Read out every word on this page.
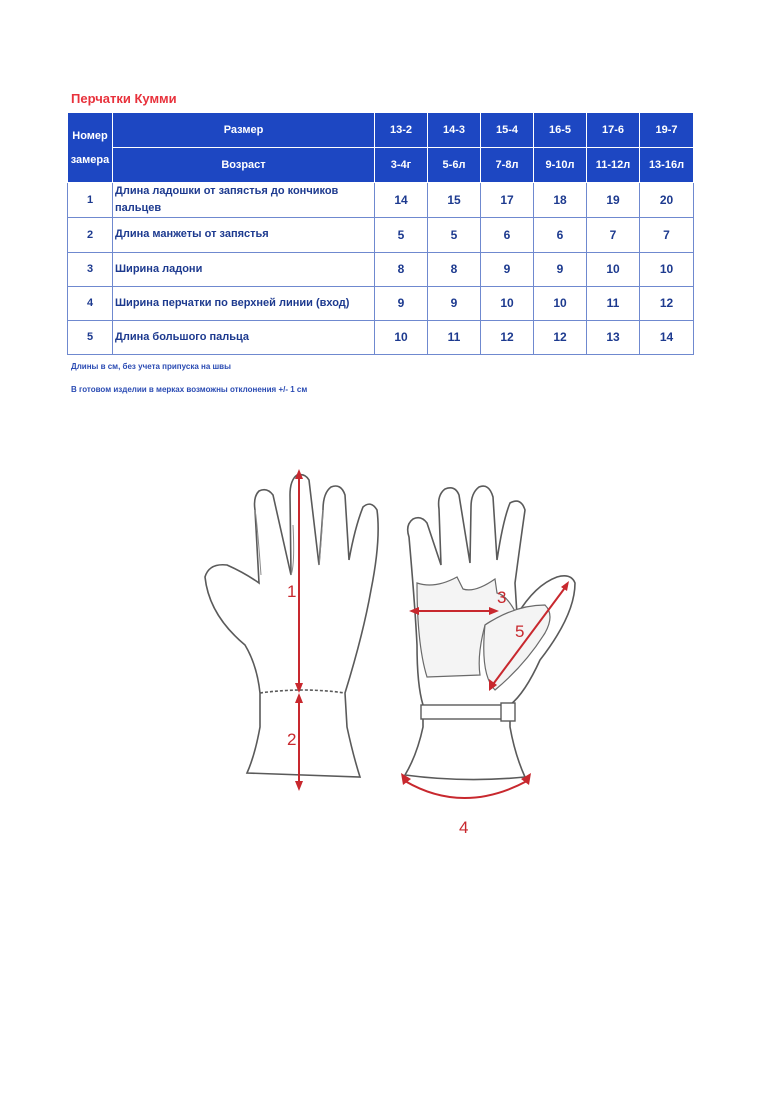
Перчатки Кумми
Номер

замера	Размер	13-2	14-3	15-4	16-5	17-6	19-7
	Возраст	3-4г	5-6л	7-8л	9-10л	11-12л	13-16л
1	Длина ладошки от запястья до кончиков пальцев	14	15	17	18	19	20
2	Длина манжеты от запястья	5	5	6	6	7	7
3	Ширина ладони	8	8	9	9	10	10
4	Ширина перчатки по верхней линии (вход)	9	9	10	10	11	12
5	Длина большого пальца	10	11	12	12	13	14
Длины в см, без учета припуска на швы
В готовом изделии в мерках возможны отклонения +/- 1 см
1
2
3
4
5
